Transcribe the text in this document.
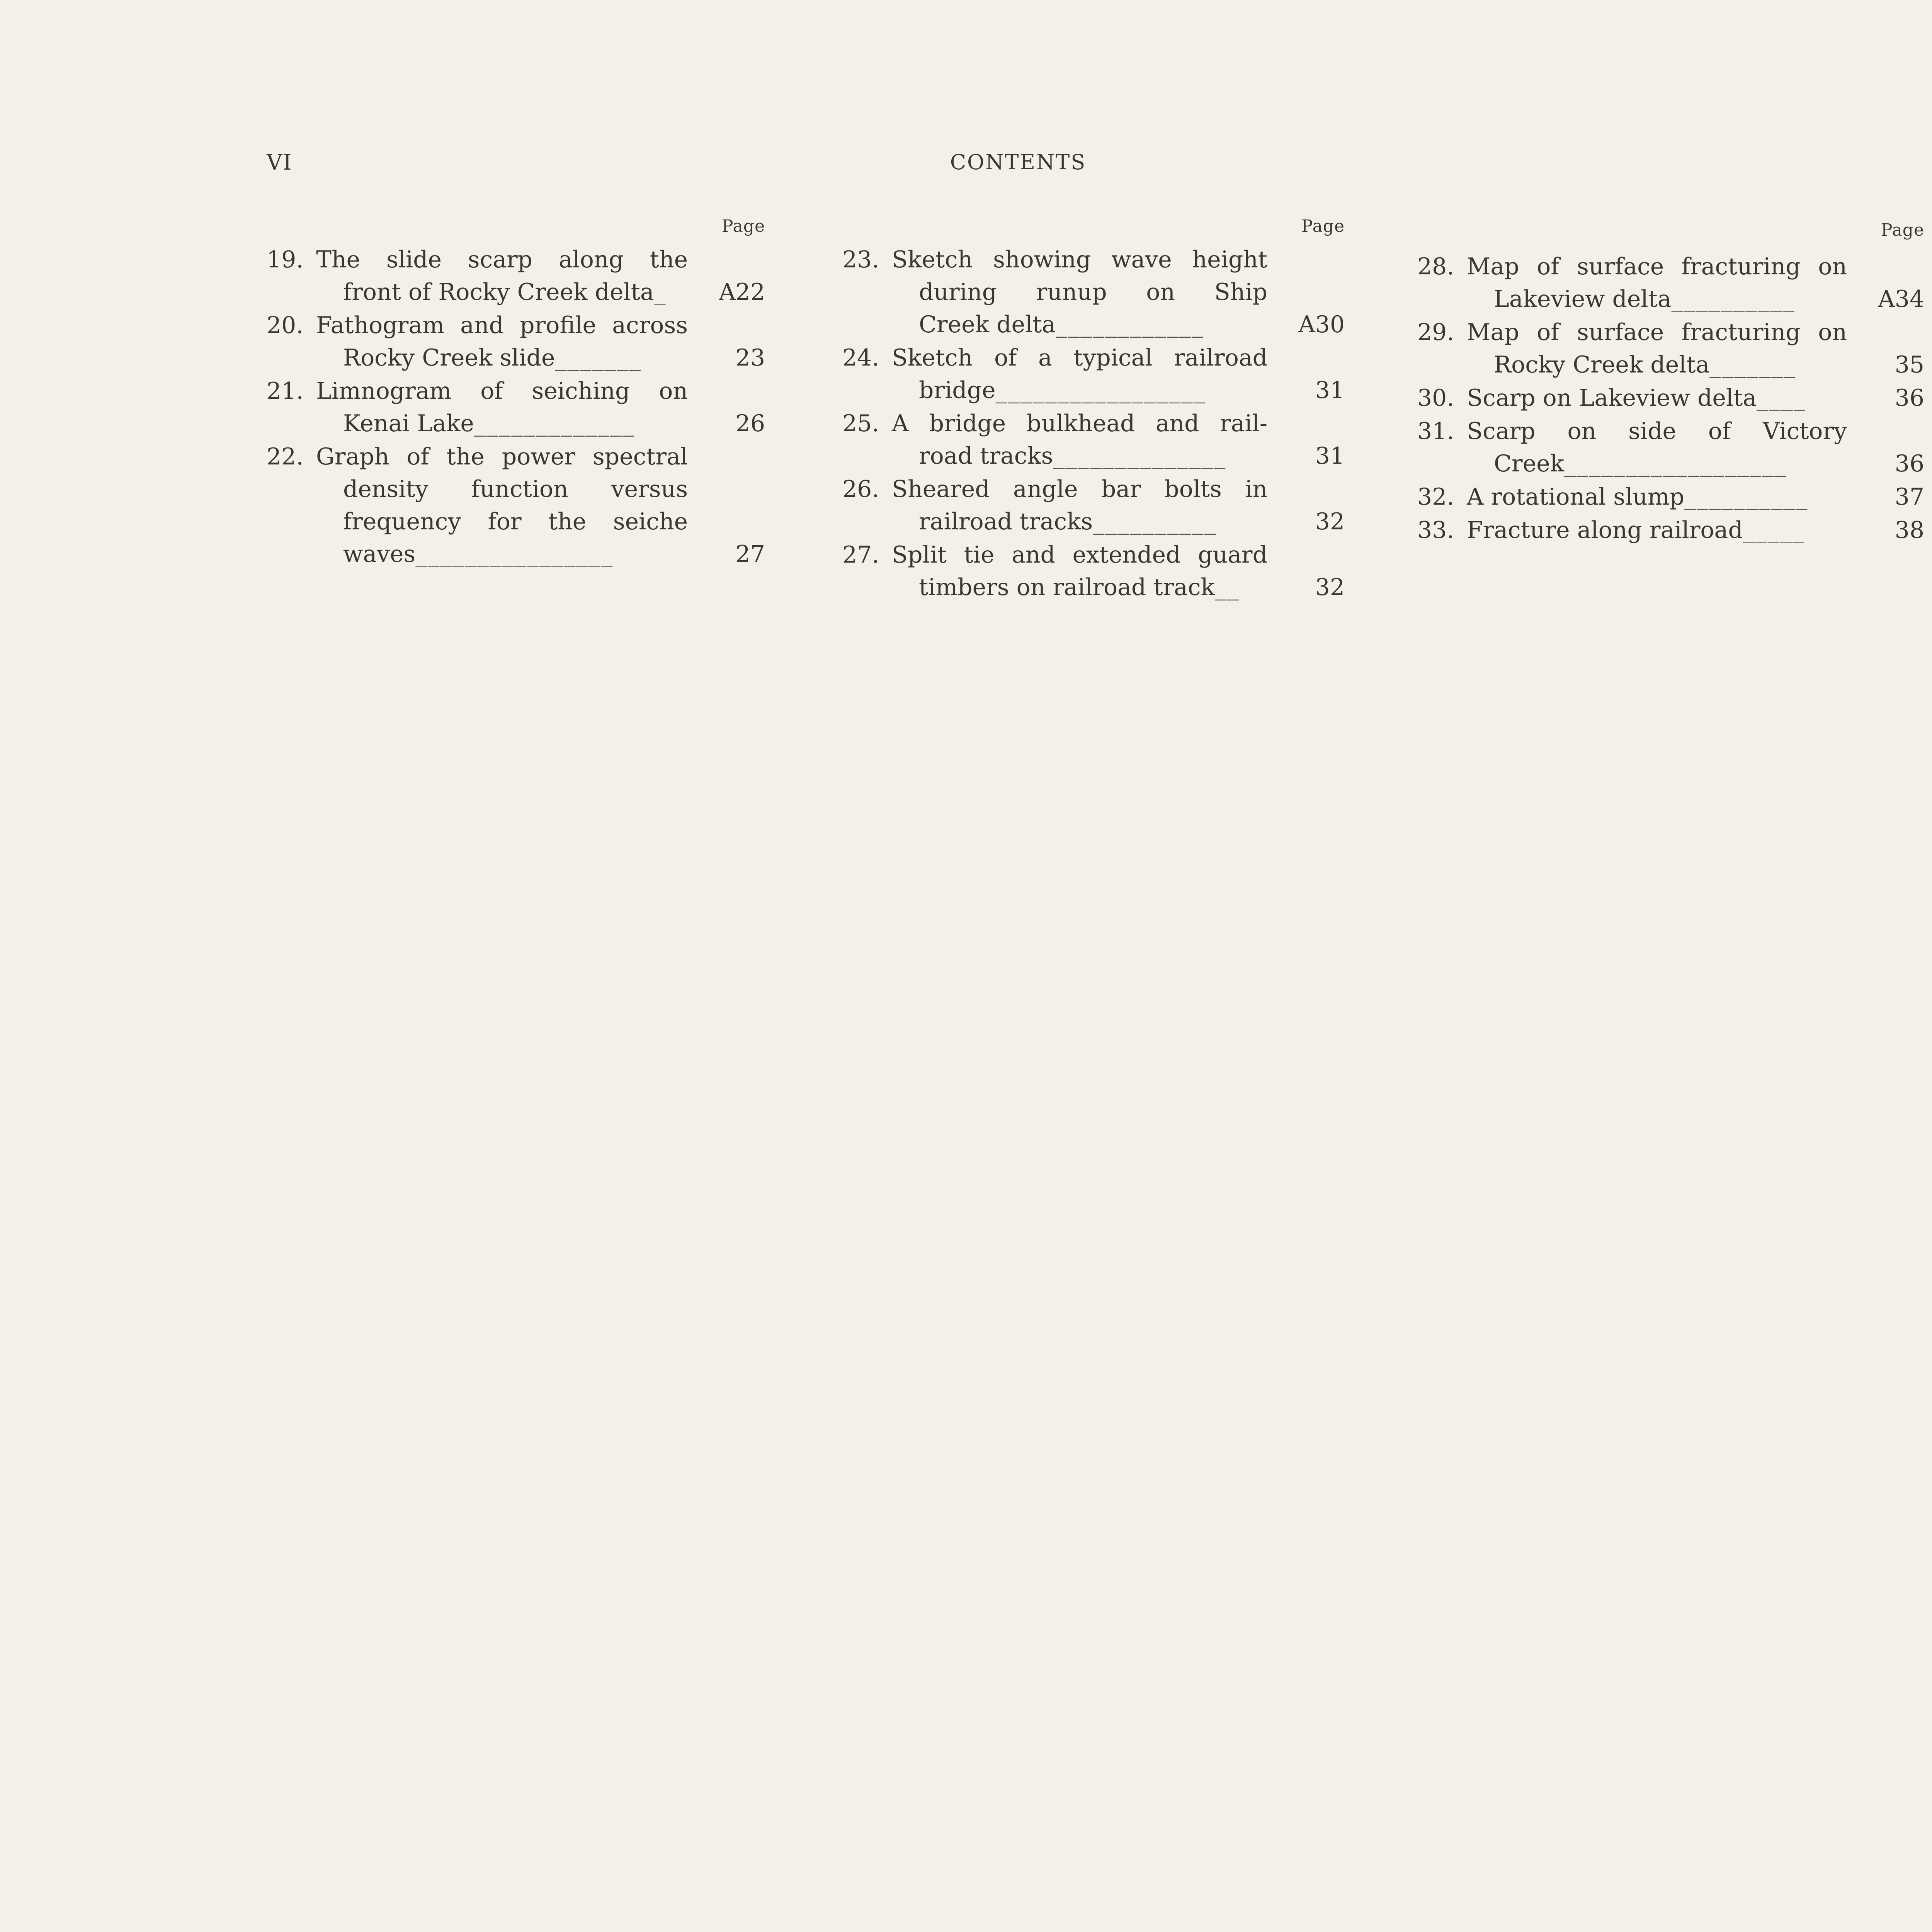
VI	CONTENTS
Page
19. The slide scarp along the
front of Rocky Creek delta_	A22
20. Fathogram and profile across
Rocky Creek slide_______	23
21. Limnogram of seiching on
Kenai Lake_____________	26
22. Graph of the power spectral
density function versus
frequency for the seiche
waves________________	27
Page
23. Sketch showing wave height
during runup on Ship
Creek delta____________	A30
24. Sketch of a typical railroad
bridge_________________	31
25. A bridge bulkhead and rail-
road tracks______________	31
26. Sheared angle bar bolts in
railroad tracks__________	32
27. Split tie and extended guard
timbers on railroad track__	32
Page
28. Map of surface fracturing on
Lakeview delta__________	A34
29. Map of surface fracturing on
Rocky Creek delta_______	35
30. Scarp on Lakeview delta____	36
31. Scarp on side of Victory
Creek__________________	36
32. A rotational slump__________	37
33. Fracture along railroad_____	38
